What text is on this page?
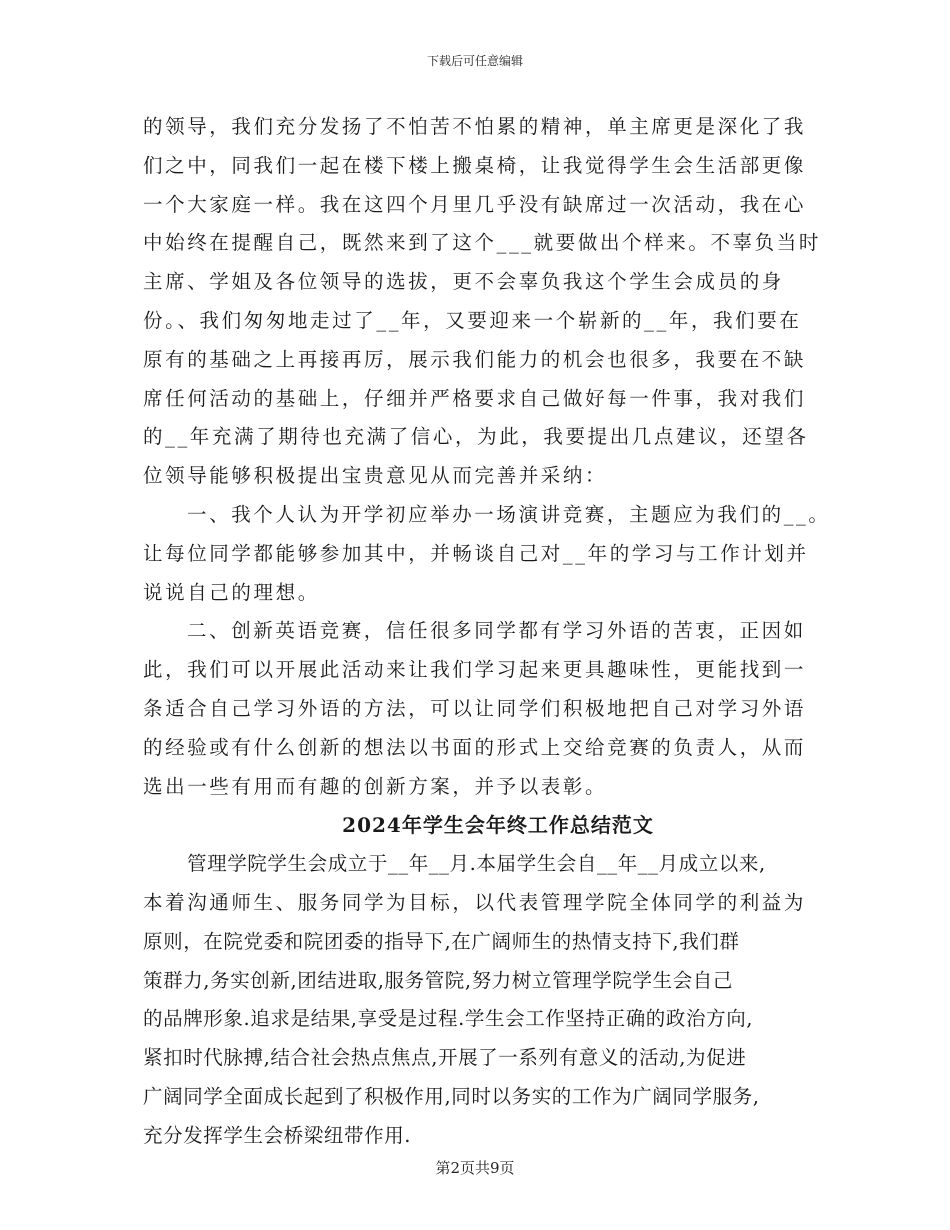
下载后可任意编辑
的领导，我们充分发扬了不怕苦不怕累的精神，单主席更是深化了我
们之中，同我们一起在楼下楼上搬桌椅，让我觉得学生会生活部更像
一个大家庭一样。我在这四个月里几乎没有缺席过一次活动，我在心
中始终在提醒自己，既然来到了这个___就要做出个样来。不辜负当时
主席、学姐及各位领导的选拔，更不会辜负我这个学生会成员的身
份。、我们匆匆地走过了__年，又要迎来一个崭新的__年，我们要在
原有的基础之上再接再厉，展示我们能力的机会也很多，我要在不缺
席任何活动的基础上，仔细并严格要求自己做好每一件事，我对我们
的__年充满了期待也充满了信心，为此，我要提出几点建议，还望各
位领导能够积极提出宝贵意见从而完善并采纳：
一、我个人认为开学初应举办一场演讲竞赛，主题应为我们的__。
让每位同学都能够参加其中，并畅谈自己对__年的学习与工作计划并
说说自己的理想。
二、创新英语竞赛，信任很多同学都有学习外语的苦衷，正因如
此，我们可以开展此活动来让我们学习起来更具趣味性，更能找到一
条适合自己学习外语的方法，可以让同学们积极地把自己对学习外语
的经验或有什么创新的想法以书面的形式上交给竞赛的负责人，从而
选出一些有用而有趣的创新方案，并予以表彰。
2024年学生会年终工作总结范文
管理学院学生会成立于__年__月.本届学生会自__年__月成立以来,
本着沟通师生、服务同学为目标，以代表管理学院全体同学的利益为
原则，在院党委和院团委的指导下,在广阔师生的热情支持下,我们群
策群力,务实创新,团结进取,服务管院,努力树立管理学院学生会自己
的品牌形象.追求是结果,享受是过程.学生会工作坚持正确的政治方向,
紧扣时代脉搏,结合社会热点焦点,开展了一系列有意义的活动,为促进
广阔同学全面成长起到了积极作用,同时以务实的工作为广阔同学服务,
充分发挥学生会桥梁纽带作用.
第2页共9页
